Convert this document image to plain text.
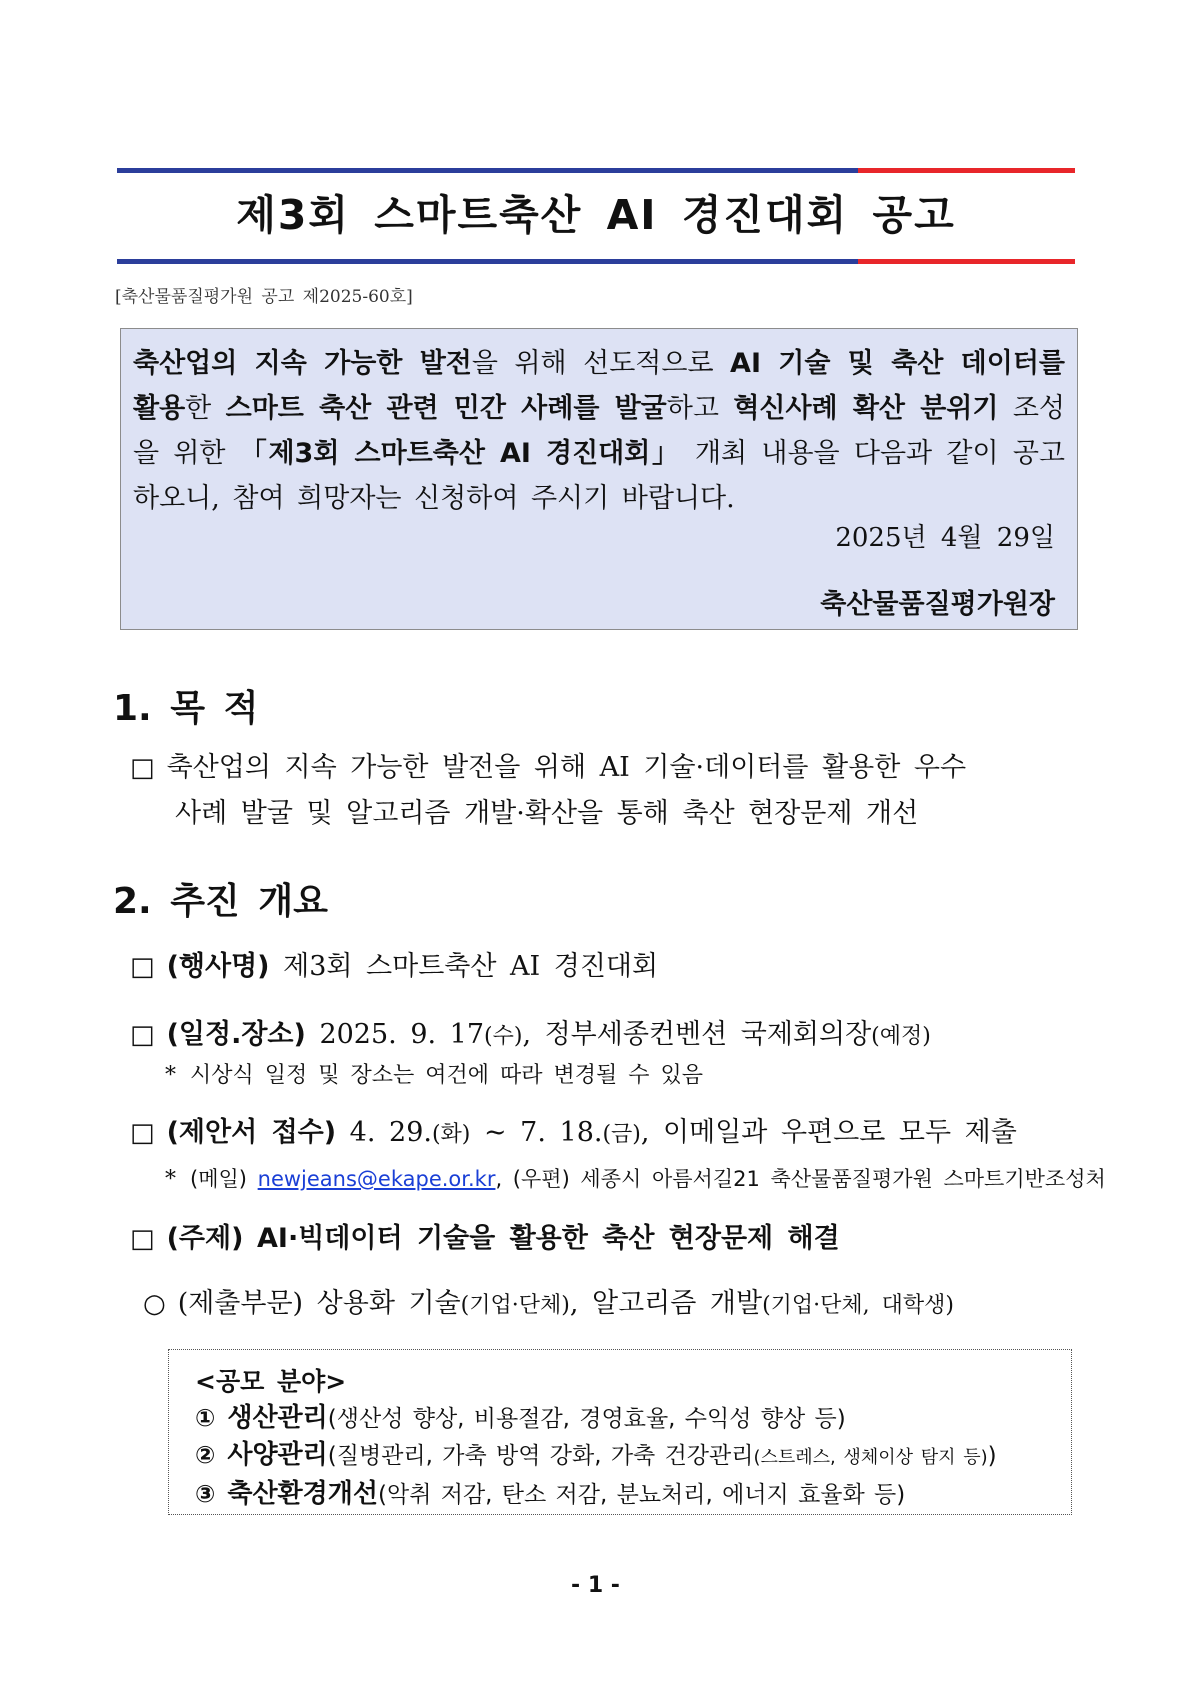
제3회 스마트축산 AI 경진대회 공고
[축산물품질평가원 공고 제2025-60호]
축산업의 지속 가능한 발전을 위해 선도적으로 AI 기술 및 축산 데이터를 활용한 스마트 축산 관련 민간 사례를 발굴하고 혁신사례 확산 분위기 조성을 위한 「제3회 스마트축산 AI 경진대회」 개최 내용을 다음과 같이 공고하오니, 참여 희망자는 신청하여 주시기 바랍니다.
2025년 4월 29일
축산물품질평가원장
1. 목 적
□ 축산업의 지속 가능한 발전을 위해 AI 기술·데이터를 활용한 우수
사례 발굴 및 알고리즘 개발·확산을 통해 축산 현장문제 개선
2. 추진 개요
□ (행사명) 제3회 스마트축산 AI 경진대회
□ (일정.장소) 2025. 9. 17(수), 정부세종컨벤션 국제회의장(예정)
* 시상식 일정 및 장소는 여건에 따라 변경될 수 있음
□ (제안서 접수) 4. 29.(화) ~ 7. 18.(금), 이메일과 우편으로 모두 제출
* (메일) newjeans@ekape.or.kr, (우편) 세종시 아름서길21 축산물품질평가원 스마트기반조성처
□ (주제) AI·빅데이터 기술을 활용한 축산 현장문제 해결
○ (제출부문) 상용화 기술(기업·단체), 알고리즘 개발(기업·단체, 대학생)
<공모 분야>
① 생산관리(생산성 향상, 비용절감, 경영효율, 수익성 향상 등)
② 사양관리(질병관리, 가축 방역 강화, 가축 건강관리(스트레스, 생체이상 탐지 등))
③ 축산환경개선(악취 저감, 탄소 저감, 분뇨처리, 에너지 효율화 등)
- 1 -
